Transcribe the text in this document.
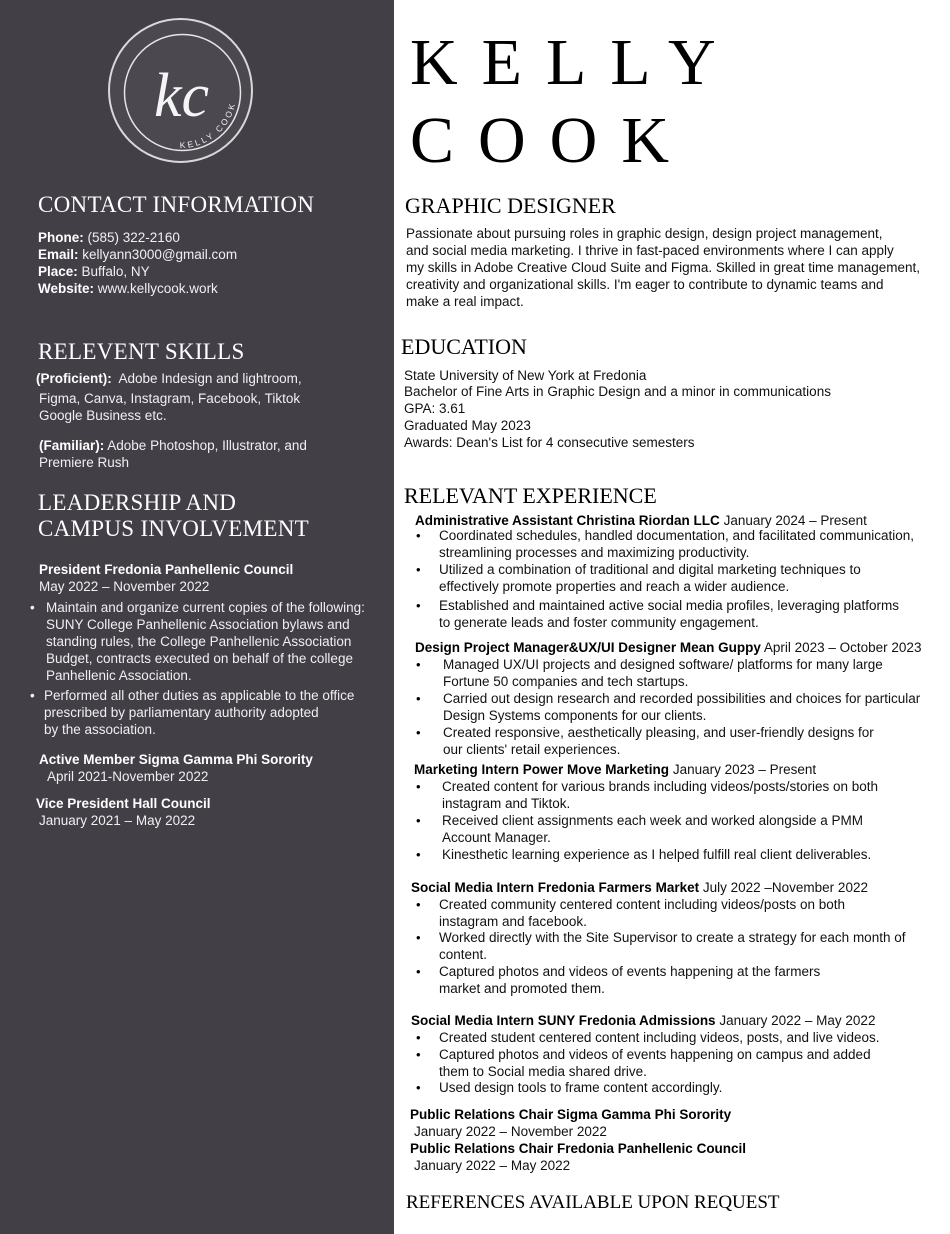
kc
KELLY COOK
CONTACT INFORMATION
Phone: (585) 322-2160
Email: kellyann3000@gmail.com
Place: Buffalo, NY
Website: www.kellycook.work
RELEVENT SKILLS
(Proficient): Adobe Indesign and lightroom,
Figma, Canva, Instagram, Facebook, Tiktok
Google Business etc.
(Familiar): Adobe Photoshop, Illustrator, and
Premiere Rush
LEADERSHIP AND
CAMPUS INVOLVEMENT
President Fredonia Panhellenic Council
May 2022 – November 2022
• Maintain and organize current copies of the following:
SUNY College Panhellenic Association bylaws and
standing rules, the College Panhellenic Association
Budget, contracts executed on behalf of the college
Panhellenic Association.
• Performed all other duties as applicable to the office
prescribed by parliamentary authority adopted
by the association.
Active Member Sigma Gamma Phi Sorority
April 2021-November 2022
Vice President Hall Council
January 2021 – May 2022
KELLY
COOK
GRAPHIC DESIGNER
Passionate about pursuing roles in graphic design, design project management,
and social media marketing. I thrive in fast-paced environments where I can apply
my skills in Adobe Creative Cloud Suite and Figma. Skilled in great time management,
creativity and organizational skills. I'm eager to contribute to dynamic teams and
make a real impact.
EDUCATION
State University of New York at Fredonia
Bachelor of Fine Arts in Graphic Design and a minor in communications
GPA: 3.61
Graduated May 2023
Awards: Dean's List for 4 consecutive semesters
RELEVANT EXPERIENCE
Administrative Assistant Christina Riordan LLC January 2024 – Present
• Coordinated schedules, handled documentation, and facilitated communication,
streamlining processes and maximizing productivity.
• Utilized a combination of traditional and digital marketing techniques to
effectively promote properties and reach a wider audience.
• Established and maintained active social media profiles, leveraging platforms
to generate leads and foster community engagement.
Design Project Manager&UX/UI Designer Mean Guppy April 2023 – October 2023
• Managed UX/UI projects and designed software/ platforms for many large
Fortune 50 companies and tech startups.
• Carried out design research and recorded possibilities and choices for particular
Design Systems components for our clients.
• Created responsive, aesthetically pleasing, and user-friendly designs for
our clients' retail experiences.
Marketing Intern Power Move Marketing January 2023 – Present
• Created content for various brands including videos/posts/stories on both
instagram and Tiktok.
• Received client assignments each week and worked alongside a PMM
Account Manager.
• Kinesthetic learning experience as I helped fulfill real client deliverables.
Social Media Intern Fredonia Farmers Market July 2022 –November 2022
• Created community centered content including videos/posts on both
instagram and facebook.
• Worked directly with the Site Supervisor to create a strategy for each month of
content.
• Captured photos and videos of events happening at the farmers
market and promoted them.
Social Media Intern SUNY Fredonia Admissions January 2022 – May 2022
• Created student centered content including videos, posts, and live videos.
• Captured photos and videos of events happening on campus and added
them to Social media shared drive.
• Used design tools to frame content accordingly.
Public Relations Chair Sigma Gamma Phi Sorority
January 2022 – November 2022
Public Relations Chair Fredonia Panhellenic Council
January 2022 – May 2022
REFERENCES AVAILABLE UPON REQUEST
